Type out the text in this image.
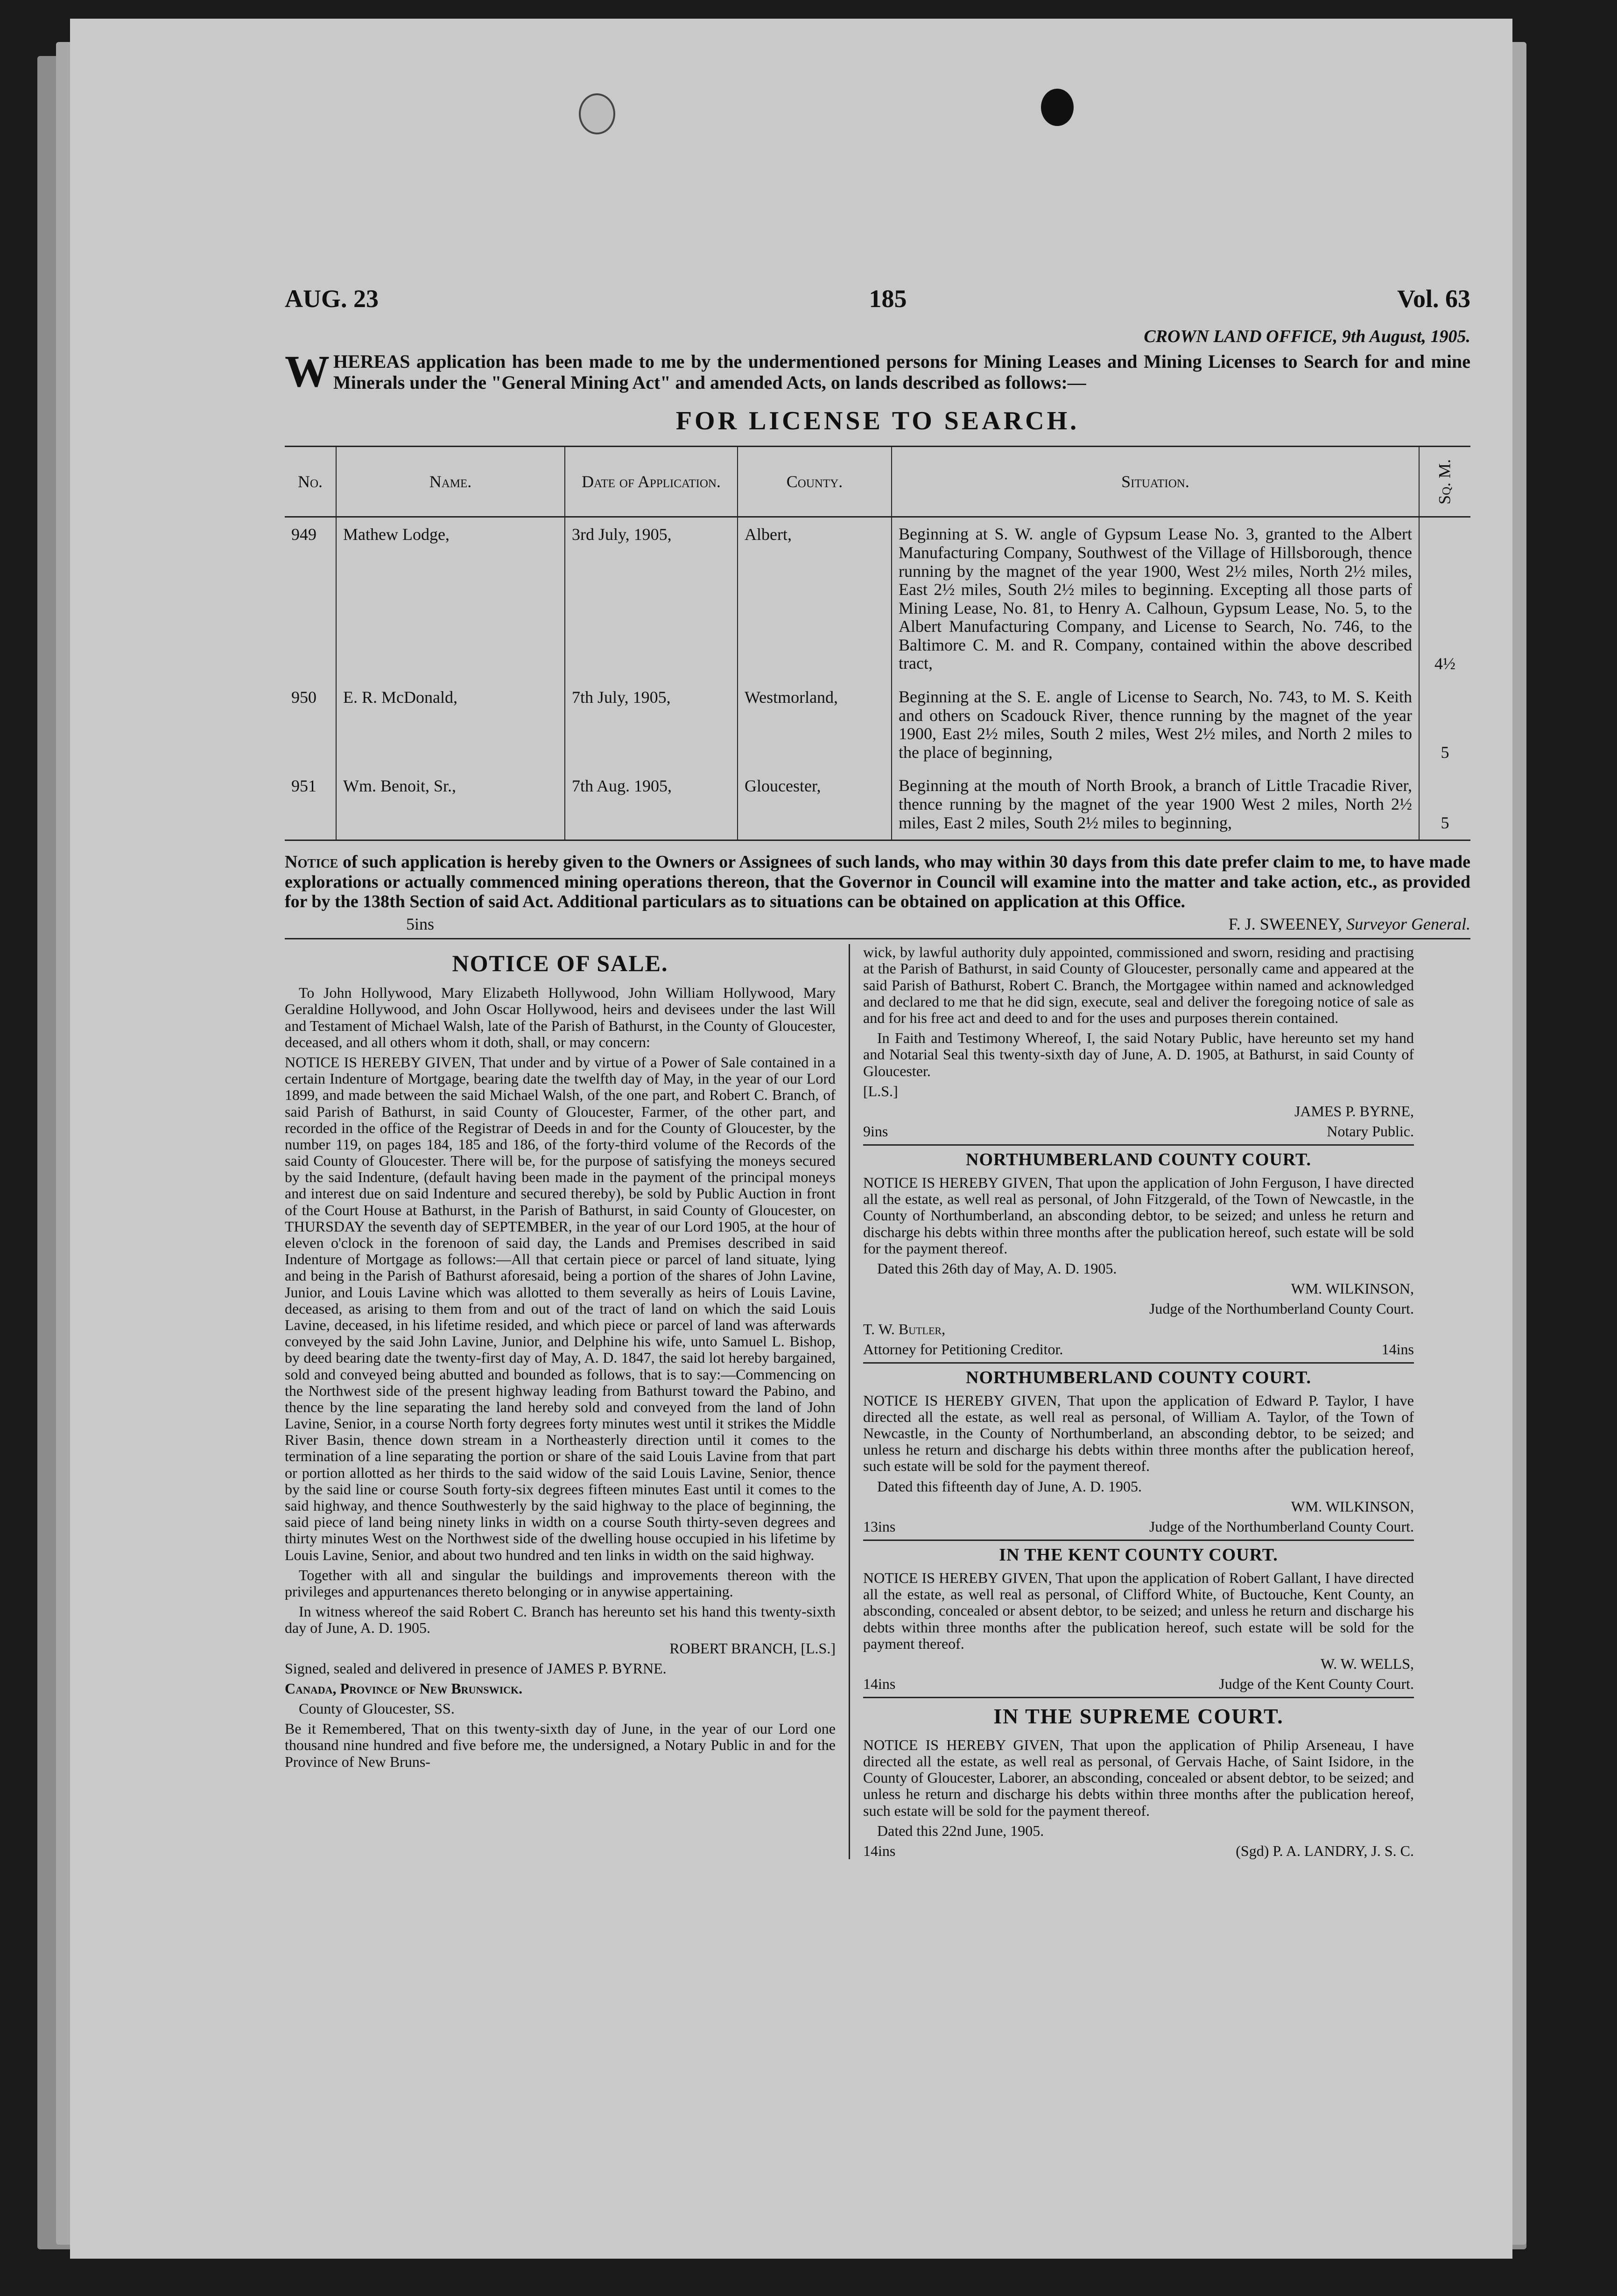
AUG. 23	185	Vol. 63
CROWN LAND OFFICE, 9th August, 1905.
W HEREAS application has been made to me by the undermentioned persons for Mining Leases and Mining Licenses to Search for and mine Minerals under the "General Mining Act" and amended Acts, on lands described as follows:—
FOR LICENSE TO SEARCH.
No.	Name.	Date of Application.	County.	Situation.	Sq. M.
949	Mathew Lodge,	3rd July, 1905,	Albert,	Beginning at S. W. angle of Gypsum Lease No. 3, granted to the Albert Manufacturing Company, Southwest of the Village of Hillsborough, thence running by the magnet of the year 1900, West 2½ miles, North 2½ miles, East 2½ miles, South 2½ miles to beginning. Excepting all those parts of Mining Lease, No. 81, to Henry A. Calhoun, Gypsum Lease, No. 5, to the Albert Manufacturing Company, and License to Search, No. 746, to the Baltimore C. M. and R. Company, contained within the above described tract,	4½
950	E. R. McDonald,	7th July, 1905,	Westmorland,	Beginning at the S. E. angle of License to Search, No. 743, to M. S. Keith and others on Scadouck River, thence running by the magnet of the year 1900, East 2½ miles, South 2 miles, West 2½ miles, and North 2 miles to the place of beginning,	5
951	Wm. Benoit, Sr.,	7th Aug. 1905,	Gloucester,	Beginning at the mouth of North Brook, a branch of Little Tracadie River, thence running by the magnet of the year 1900 West 2 miles, North 2½ miles, East 2 miles, South 2½ miles to beginning,	5
Notice of such application is hereby given to the Owners or Assignees of such lands, who may within 30 days from this date prefer claim to me, to have made explorations or actually commenced mining operations thereon, that the Governor in Council will examine into the matter and take action, etc., as provided for by the 138th Section of said Act. Additional particulars as to situations can be obtained on application at this Office.
5ins	F. J. SWEENEY, Surveyor General.
NOTICE OF SALE.

To John Hollywood, Mary Elizabeth Hollywood, John William Hollywood, Mary Geraldine Hollywood, and John Oscar Hollywood, heirs and devisees under the last Will and Testament of Michael Walsh, late of the Parish of Bathurst, in the County of Gloucester, deceased, and all others whom it doth, shall, or may concern:

NOTICE IS HEREBY GIVEN, That under and by virtue of a Power of Sale contained in a certain Indenture of Mortgage, bearing date the twelfth day of May, in the year of our Lord 1899, and made between the said Michael Walsh, of the one part, and Robert C. Branch, of said Parish of Bathurst, in said County of Gloucester, Farmer, of the other part, and recorded in the office of the Registrar of Deeds in and for the County of Gloucester, by the number 119, on pages 184, 185 and 186, of the forty-third volume of the Records of the said County of Gloucester. There will be, for the purpose of satisfying the moneys secured by the said Indenture, (default having been made in the payment of the principal moneys and interest due on said Indenture and secured thereby), be sold by Public Auction in front of the Court House at Bathurst, in the Parish of Bathurst, in said County of Gloucester, on THURSDAY the seventh day of SEPTEMBER, in the year of our Lord 1905, at the hour of eleven o'clock in the forenoon of said day, the Lands and Premises described in said Indenture of Mortgage as follows:—All that certain piece or parcel of land situate, lying and being in the Parish of Bathurst aforesaid, being a portion of the shares of John Lavine, Junior, and Louis Lavine which was allotted to them severally as heirs of Louis Lavine, deceased, as arising to them from and out of the tract of land on which the said Louis Lavine, deceased, in his lifetime resided, and which piece or parcel of land was afterwards conveyed by the said John Lavine, Junior, and Delphine his wife, unto Samuel L. Bishop, by deed bearing date the twenty-first day of May, A. D. 1847, the said lot hereby bargained, sold and conveyed being abutted and bounded as follows, that is to say:—Commencing on the Northwest side of the present highway leading from Bathurst toward the Pabino, and thence by the line separating the land hereby sold and conveyed from the land of John Lavine, Senior, in a course North forty degrees forty minutes west until it strikes the Middle River Basin, thence down stream in a Northeasterly direction until it comes to the termination of a line separating the portion or share of the said Louis Lavine from that part or portion allotted as her thirds to the said widow of the said Louis Lavine, Senior, thence by the said line or course South forty-six degrees fifteen minutes East until it comes to the said highway, and thence Southwesterly by the said highway to the place of beginning, the said piece of land being ninety links in width on a course South thirty-seven degrees and thirty minutes West on the Northwest side of the dwelling house occupied in his lifetime by Louis Lavine, Senior, and about two hundred and ten links in width on the said highway.

Together with all and singular the buildings and improvements thereon with the privileges and appurtenances thereto belonging or in anywise appertaining.

In witness whereof the said Robert C. Branch has hereunto set his hand this twenty-sixth day of June, A. D. 1905.

ROBERT BRANCH, [L.S.]

Signed, sealed and delivered in presence of JAMES P. BYRNE.

Canada, Province of New Brunswick.

County of Gloucester, SS.

Be it Remembered, That on this twenty-sixth day of June, in the year of our Lord one thousand nine hundred and five before me, the undersigned, a Notary Public in and for the Province of New Bruns-

wick, by lawful authority duly appointed, commissioned and sworn, residing and practising at the Parish of Bathurst, in said County of Gloucester, personally came and appeared at the said Parish of Bathurst, Robert C. Branch, the Mortgagee within named and acknowledged and declared to me that he did sign, execute, seal and deliver the foregoing notice of sale as and for his free act and deed to and for the uses and purposes therein contained.

In Faith and Testimony Whereof, I, the said Notary Public, have hereunto set my hand and Notarial Seal this twenty-sixth day of June, A. D. 1905, at Bathurst, in said County of Gloucester.

[L.S.]

JAMES P. BYRNE,

9ins	Notary Public.
NORTHUMBERLAND COUNTY COURT.

NOTICE IS HEREBY GIVEN, That upon the application of John Ferguson, I have directed all the estate, as well real as personal, of John Fitzgerald, of the Town of Newcastle, in the County of Northumberland, an absconding debtor, to be seized; and unless he return and discharge his debts within three months after the publication hereof, such estate will be sold for the payment thereof.

Dated this 26th day of May, A. D. 1905.

WM. WILKINSON,

Judge of the Northumberland County Court.

T. W. Butler,

Attorney for Petitioning Creditor.	14ins
NORTHUMBERLAND COUNTY COURT.

NOTICE IS HEREBY GIVEN, That upon the application of Edward P. Taylor, I have directed all the estate, as well real as personal, of William A. Taylor, of the Town of Newcastle, in the County of Northumberland, an absconding debtor, to be seized; and unless he return and discharge his debts within three months after the publication hereof, such estate will be sold for the payment thereof.

Dated this fifteenth day of June, A. D. 1905.

WM. WILKINSON,

13ins	Judge of the Northumberland County Court.
IN THE KENT COUNTY COURT.

NOTICE IS HEREBY GIVEN, That upon the application of Robert Gallant, I have directed all the estate, as well real as personal, of Clifford White, of Buctouche, Kent County, an absconding, concealed or absent debtor, to be seized; and unless he return and discharge his debts within three months after the publication hereof, such estate will be sold for the payment thereof.

W. W. WELLS,

14ins	Judge of the Kent County Court.
IN THE SUPREME COURT.

NOTICE IS HEREBY GIVEN, That upon the application of Philip Arseneau, I have directed all the estate, as well real as personal, of Gervais Hache, of Saint Isidore, in the County of Gloucester, Laborer, an absconding, concealed or absent debtor, to be seized; and unless he return and discharge his debts within three months after the publication hereof, such estate will be sold for the payment thereof.

Dated this 22nd June, 1905.

14ins	(Sgd) P. A. LANDRY, J. S. C.
